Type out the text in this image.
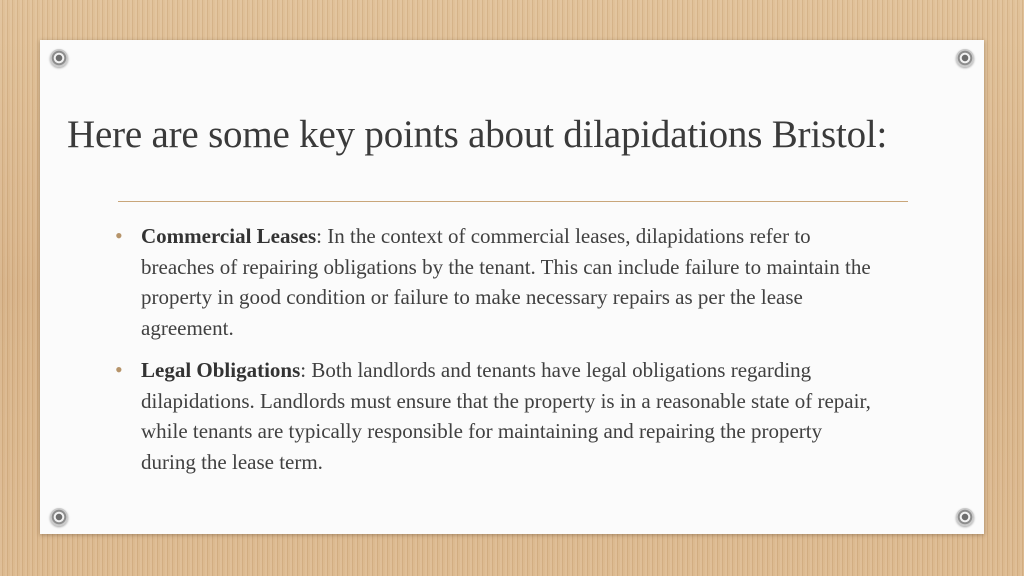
Here are some key points about dilapidations Bristol:
• Commercial Leases: In the context of commercial leases, dilapidations refer to breaches of repairing obligations by the tenant. This can include failure to maintain the property in good condition or failure to make necessary repairs as per the lease agreement.
• Legal Obligations: Both landlords and tenants have legal obligations regarding dilapidations. Landlords must ensure that the property is in a reasonable state of repair, while tenants are typically responsible for maintaining and repairing the property during the lease term.
